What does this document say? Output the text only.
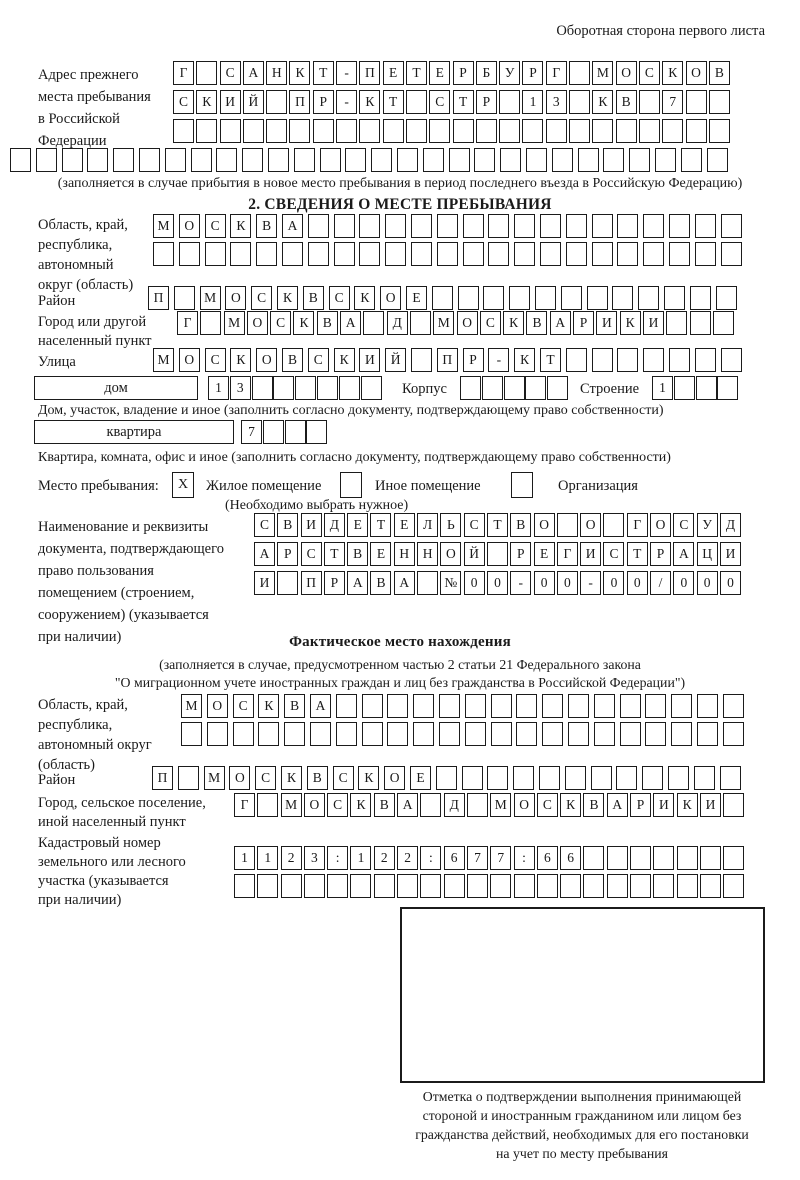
Оборотная сторона первого листа
Адрес прежнего
места пребывания
в Российской
Федерации
Г	С	А	Н	К	Т	-	П	Е	Т	Е	Р	Б	У	Р	Г	М О	С	К	О	В
С	К	И	Й	П	Р	-	К	Т	С	Т	Р	1	3	К	В	7
(заполняется в случае прибытия в новое место пребывания в период последнего въезда в Российскую Федерацию)
2. СВЕДЕНИЯ О МЕСТЕ ПРЕБЫВАНИЯ
Область, край,
республика,
автономный
округ (область)
М	О	С	К	В	А
Район	П	М	О	С	К	В	С	К	О	Е
Город или другой
населенный пункт
Г	М О	С	К	В	А	Д	М О	С	К	В	А	Р	И	К	И
Улица	М	О	С	К	О	В	С	К	И	Й	П	Р	-	К	Т
дом	1	3	Корпус	Строение	1
Дом, участок, владение и иное (заполнить согласно документу, подтверждающему право собственности)
квартира	7
Квартира, комната, офис и иное (заполнить согласно документу, подтверждающему право собственности)
Место пребывания:	X	Жилое помещение	Иное помещение	Организация
(Необходимо выбрать нужное)
Наименование и реквизиты
документа, подтверждающего
право пользования
помещением (строением,
сооружением) (указывается
при наличии)
С	В	И	Д	Е	Т	Е	Л	Ь	С	Т	В	О	О	Г	О	С	У	Д
А	Р	С	Т	В	Е	Н	Н	О	Й	Р	Е	Г	И	С	Т	Р	А	Ц	И
И	П	Р	А	В	А	№ 0	0	-	0	0	-	0	0	/	0	0	0
Фактическое место нахождения
(заполняется в случае, предусмотренном частью 2 статьи 21 Федерального закона
"О миграционном учете иностранных граждан и лиц без гражданства в Российской Федерации")
Область, край,
республика,
автономный округ
(область)
М	О	С	К	В	А
Район	П	М	О	С	К	В	С	К	О	Е
Город, сельское поселение,
иной населенный пункт
Г	М О	С	К	В	А	Д	М О	С	К	В	А	Р	И	К	И
Кадастровый номер
земельного или лесного
участка (указывается
при наличии)
1	1	2	3	:	1	2	2	:	6	7	7	:	6	6
Отметка о подтверждении выполнения принимающей
стороной и иностранным гражданином или лицом без
гражданства действий, необходимых для его постановки
на учет по месту пребывания
